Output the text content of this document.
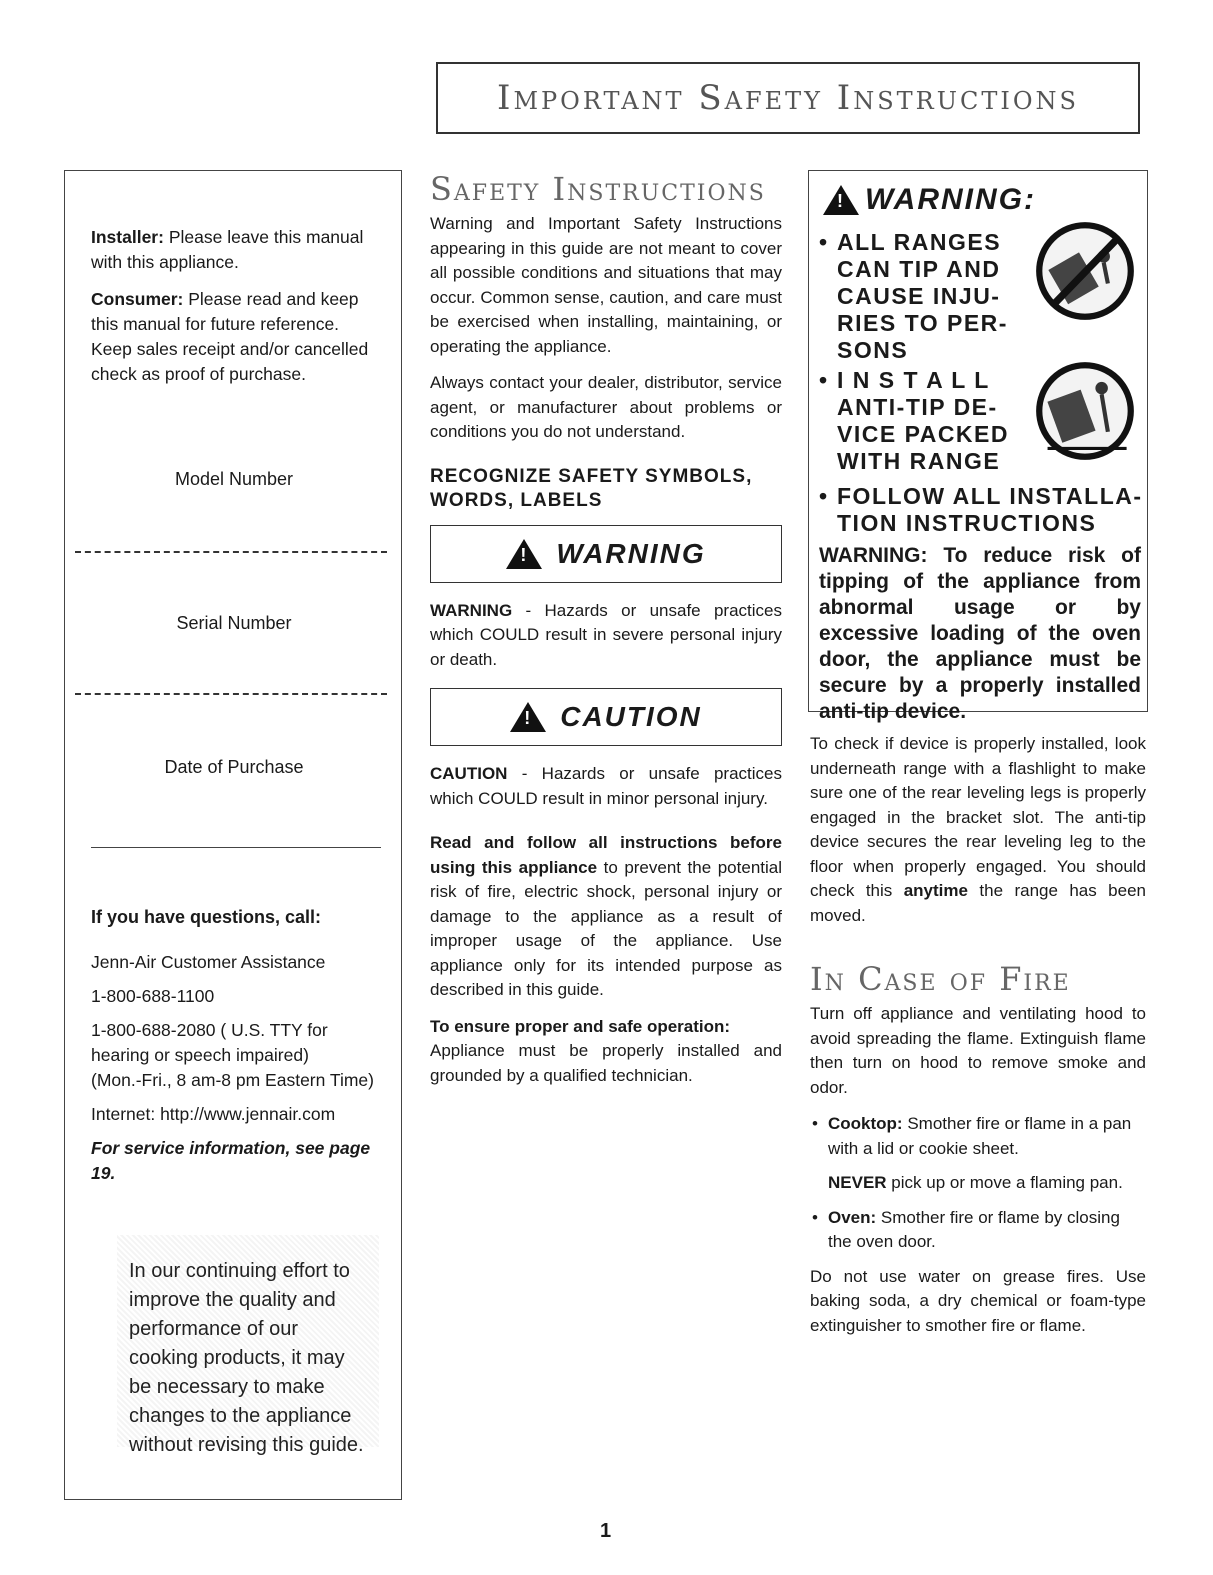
Important Safety Instructions

Installer: Please leave this manual with this appliance.

Consumer: Please read and keep this manual for future reference. Keep sales receipt and/or cancelled check as proof of purchase.

Model Number
Serial Number
Date of Purchase

If you have questions, call:

Jenn-Air Customer Assistance

1-800-688-1100

1-800-688-2080 ( U.S. TTY for hearing or speech impaired)

(Mon.-Fri., 8 am-8 pm Eastern Time)

Internet: http://www.jennair.com

For service information, see page 19.

In our continuing effort to improve the quality and performance of our cooking products, it may be necessary to make changes to the appliance without revising this guide.
Safety Instructions

Warning and Important Safety Instructions appearing in this guide are not meant to cover all possible conditions and situations that may occur. Common sense, caution, and care must be exercised when installing, maintaining, or operating the appliance.

Always contact your dealer, distributor, service agent, or manufacturer about problems or conditions you do not understand.

RECOGNIZE SAFETY SYMBOLS, WORDS, LABELS
!
WARNING

WARNING - Hazards or unsafe practices which COULD result in severe personal injury or death.

!
CAUTION

CAUTION - Hazards or unsafe practices which COULD result in minor personal injury.

Read and follow all instructions before using this appliance to prevent the potential risk of fire, electric shock, personal injury or damage to the appliance as a result of improper usage of the appliance. Use appliance only for its intended purpose as described in this guide.

To ensure proper and safe operation:

Appliance must be properly installed and grounded by a qualified technician.

!
WARNING:
• ALL RANGES
CAN TIP AND
CAUSE INJU-
RIES TO PER-
SONS
• I N S T A L L
ANTI-TIP DE-
VICE PACKED
WITH RANGE
• FOLLOW ALL INSTALLA-
TION INSTRUCTIONS
WARNING: To reduce risk of tipping of the appliance from abnormal usage or by excessive loading of the oven door, the appliance must be secure by a properly installed anti-tip device.

To check if device is properly installed, look underneath range with a flashlight to make sure one of the rear leveling legs is properly engaged in the bracket slot. The anti-tip device secures the rear leveling leg to the floor when properly engaged. You should check this anytime the range has been moved.

In Case of Fire

Turn off appliance and ventilating hood to avoid spreading the flame. Extinguish flame then turn on hood to remove smoke and odor.

• Cooktop: Smother fire or flame in a pan with a lid or cookie sheet.
NEVER pick up or move a flaming pan.
• Oven: Smother fire or flame by closing the oven door.

Do not use water on grease fires. Use baking soda, a dry chemical or foam-type extinguisher to smother fire or flame.

1
